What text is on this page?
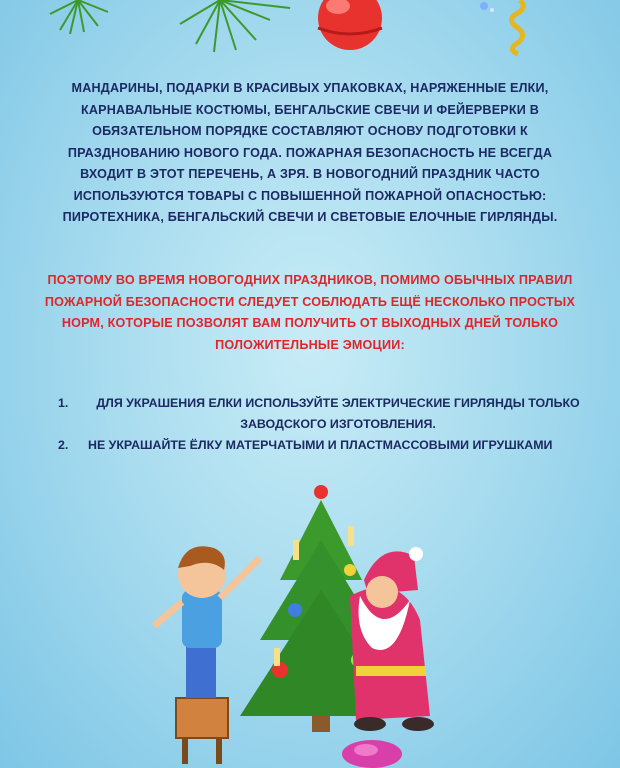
МАНДАРИНЫ, ПОДАРКИ В КРАСИВЫХ УПАКОВКАХ, НАРЯЖЕННЫЕ ЕЛКИ, КАРНАВАЛЬНЫЕ КОСТЮМЫ, БЕНГАЛЬСКИЕ СВЕЧИ И ФЕЙЕРВЕРКИ В ОБЯЗАТЕЛЬНОМ ПОРЯДКЕ СОСТАВЛЯЮТ ОСНОВУ ПОДГОТОВКИ К ПРАЗДНОВАНИЮ НОВОГО ГОДА. ПОЖАРНАЯ БЕЗОПАСНОСТЬ НЕ ВСЕГДА ВХОДИТ В ЭТОТ ПЕРЕЧЕНЬ, А ЗРЯ. В НОВОГОДНИЙ ПРАЗДНИК ЧАСТО ИСПОЛЬЗУЮТСЯ ТОВАРЫ С ПОВЫШЕННОЙ ПОЖАРНОЙ ОПАСНОСТЬЮ: ПИРОТЕХНИКА, БЕНГАЛЬСКИЙ СВЕЧИ И СВЕТОВЫЕ ЕЛОЧНЫЕ ГИРЛЯНДЫ.
ПОЭТОМУ ВО ВРЕМЯ НОВОГОДНИХ ПРАЗДНИКОВ, ПОМИМО ОБЫЧНЫХ ПРАВИЛ ПОЖАРНОЙ БЕЗОПАСНОСТИ СЛЕДУЕТ СОБЛЮДАТЬ ЕЩЁ НЕСКОЛЬКО ПРОСТЫХ НОРМ, КОТОРЫЕ ПОЗВОЛЯТ ВАМ ПОЛУЧИТЬ ОТ ВЫХОДНЫХ ДНЕЙ ТОЛЬКО ПОЛОЖИТЕЛЬНЫЕ ЭМОЦИИ:
1.	ДЛЯ УКРАШЕНИЯ ЕЛКИ ИСПОЛЬЗУЙТЕ ЭЛЕКТРИЧЕСКИЕ ГИРЛЯНДЫ ТОЛЬКО ЗАВОДСКОГО ИЗГОТОВЛЕНИЯ.
2.	НЕ УКРАШАЙТЕ ЁЛКУ МАТЕРЧАТЫМИ И ПЛАСТМАССОВЫМИ ИГРУШКАМИ
